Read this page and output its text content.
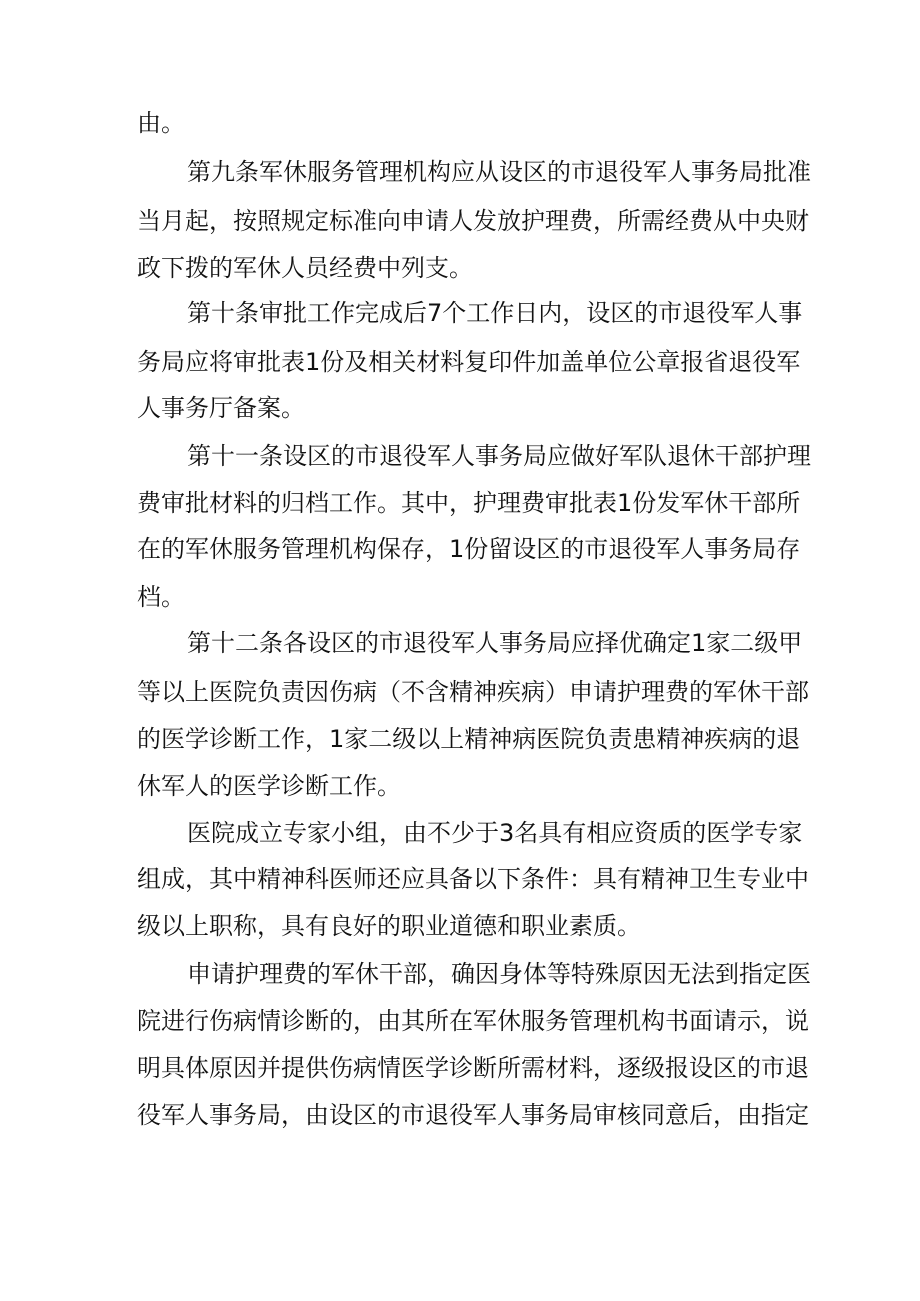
由。
第九条军休服务管理机构应从设区的市退役军人事务局批准
当月起，按照规定标准向申请人发放护理费，所需经费从中央财
政下拨的军休人员经费中列支。
第十条审批工作完成后7个工作日内，设区的市退役军人事
务局应将审批表1份及相关材料复印件加盖单位公章报省退役军
人事务厅备案。
第十一条设区的市退役军人事务局应做好军队退休干部护理
费审批材料的归档工作。其中，护理费审批表1份发军休干部所
在的军休服务管理机构保存，1份留设区的市退役军人事务局存
档。
第十二条各设区的市退役军人事务局应择优确定1家二级甲
等以上医院负责因伤病（不含精神疾病）申请护理费的军休干部
的医学诊断工作，1家二级以上精神病医院负责患精神疾病的退
休军人的医学诊断工作。
医院成立专家小组，由不少于3名具有相应资质的医学专家
组成，其中精神科医师还应具备以下条件：具有精神卫生专业中
级以上职称，具有良好的职业道德和职业素质。
申请护理费的军休干部，确因身体等特殊原因无法到指定医
院进行伤病情诊断的，由其所在军休服务管理机构书面请示，说
明具体原因并提供伤病情医学诊断所需材料，逐级报设区的市退
役军人事务局，由设区的市退役军人事务局审核同意后，由指定
